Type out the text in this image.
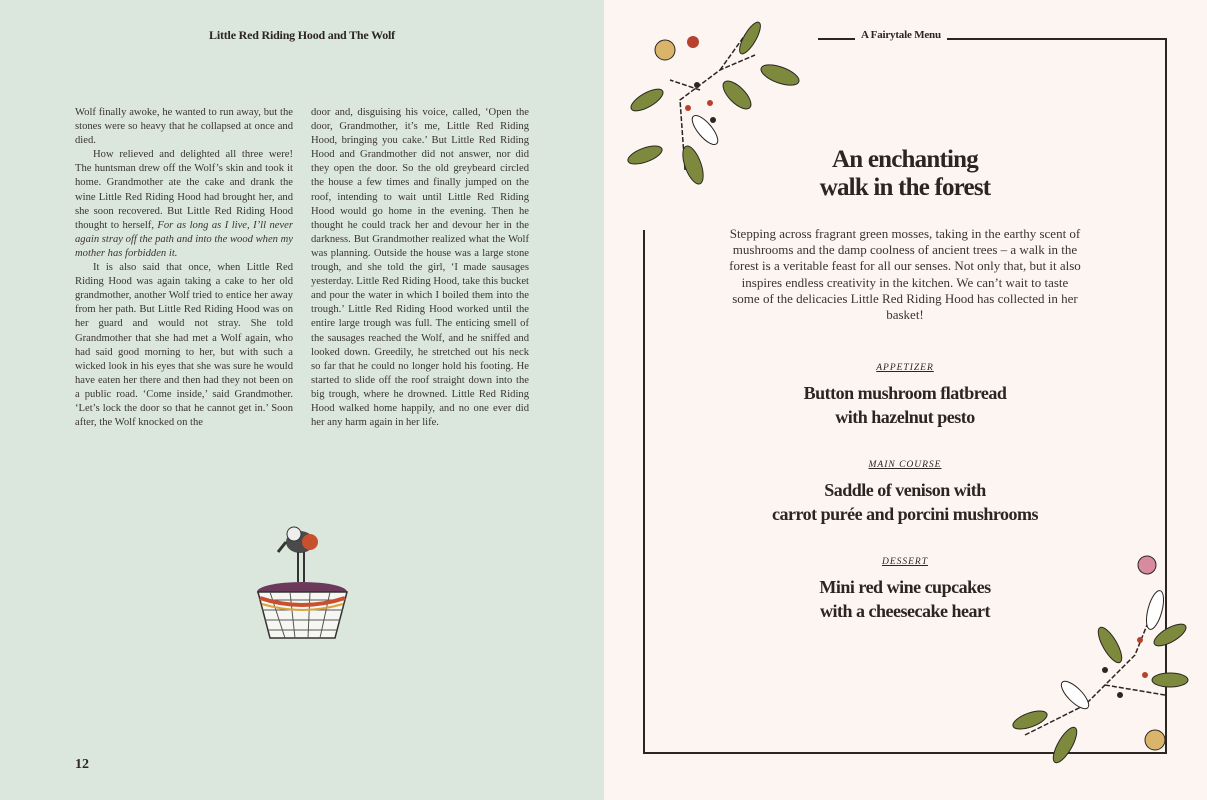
Little Red Riding Hood and The Wolf

Wolf finally awoke, he wanted to run away, but the stones were so heavy that he collapsed at once and died.

How relieved and delighted all three were! The huntsman drew off the Wolf’s skin and took it home. Grandmother ate the cake and drank the wine Little Red Riding Hood had brought her, and she soon recovered. But Little Red Riding Hood thought to herself, For as long as I live, I’ll never again stray off the path and into the wood when my mother has forbidden it.

It is also said that once, when Little Red Riding Hood was again taking a cake to her old grandmother, another Wolf tried to entice her away from her path. But Little Red Riding Hood was on her guard and would not stray. She told Grandmother that she had met a Wolf again, who had said good morning to her, but with such a wicked look in his eyes that she was sure he would have eaten her there and then had they not been on a public road. ‘Come inside,’ said Grandmother. ‘Let’s lock the door so that he cannot get in.’ Soon after, the Wolf knocked on the

door and, disguising his voice, called, ‘Open the door, Grandmother, it’s me, Little Red Riding Hood, bringing you cake.’ But Little Red Riding Hood and Grandmother did not answer, nor did they open the door. So the old greybeard circled the house a few times and finally jumped on the roof, intending to wait until Little Red Riding Hood would go home in the evening. Then he thought he could track her and devour her in the darkness. But Grandmother realized what the Wolf was planning. Outside the house was a large stone trough, and she told the girl, ‘I made sausages yesterday. Little Red Riding Hood, take this bucket and pour the water in which I boiled them into the trough.’ Little Red Riding Hood worked until the entire large trough was full. The enticing smell of the sausages reached the Wolf, and he sniffed and looked down. Greedily, he stretched out his neck so far that he could no longer hold his footing. He started to slide off the roof straight down into the big trough, where he drowned. Little Red Riding Hood walked home happily, and no one ever did her any harm again in her life.

12
A Fairytale Menu
An enchanting
walk in the forest
Stepping across fragrant green mosses, taking in the earthy scent of mushrooms and the damp coolness of ancient trees – a walk in the forest is a veritable feast for all our senses. Not only that, but it also inspires endless creativity in the kitchen. We can’t wait to taste some of the delicacies Little Red Riding Hood has collected in her basket!
APPETIZER
Button mushroom flatbread
with hazelnut pesto
MAIN COURSE
Saddle of venison with
carrot purée and porcini mushrooms
DESSERT
Mini red wine cupcakes
with a cheesecake heart
